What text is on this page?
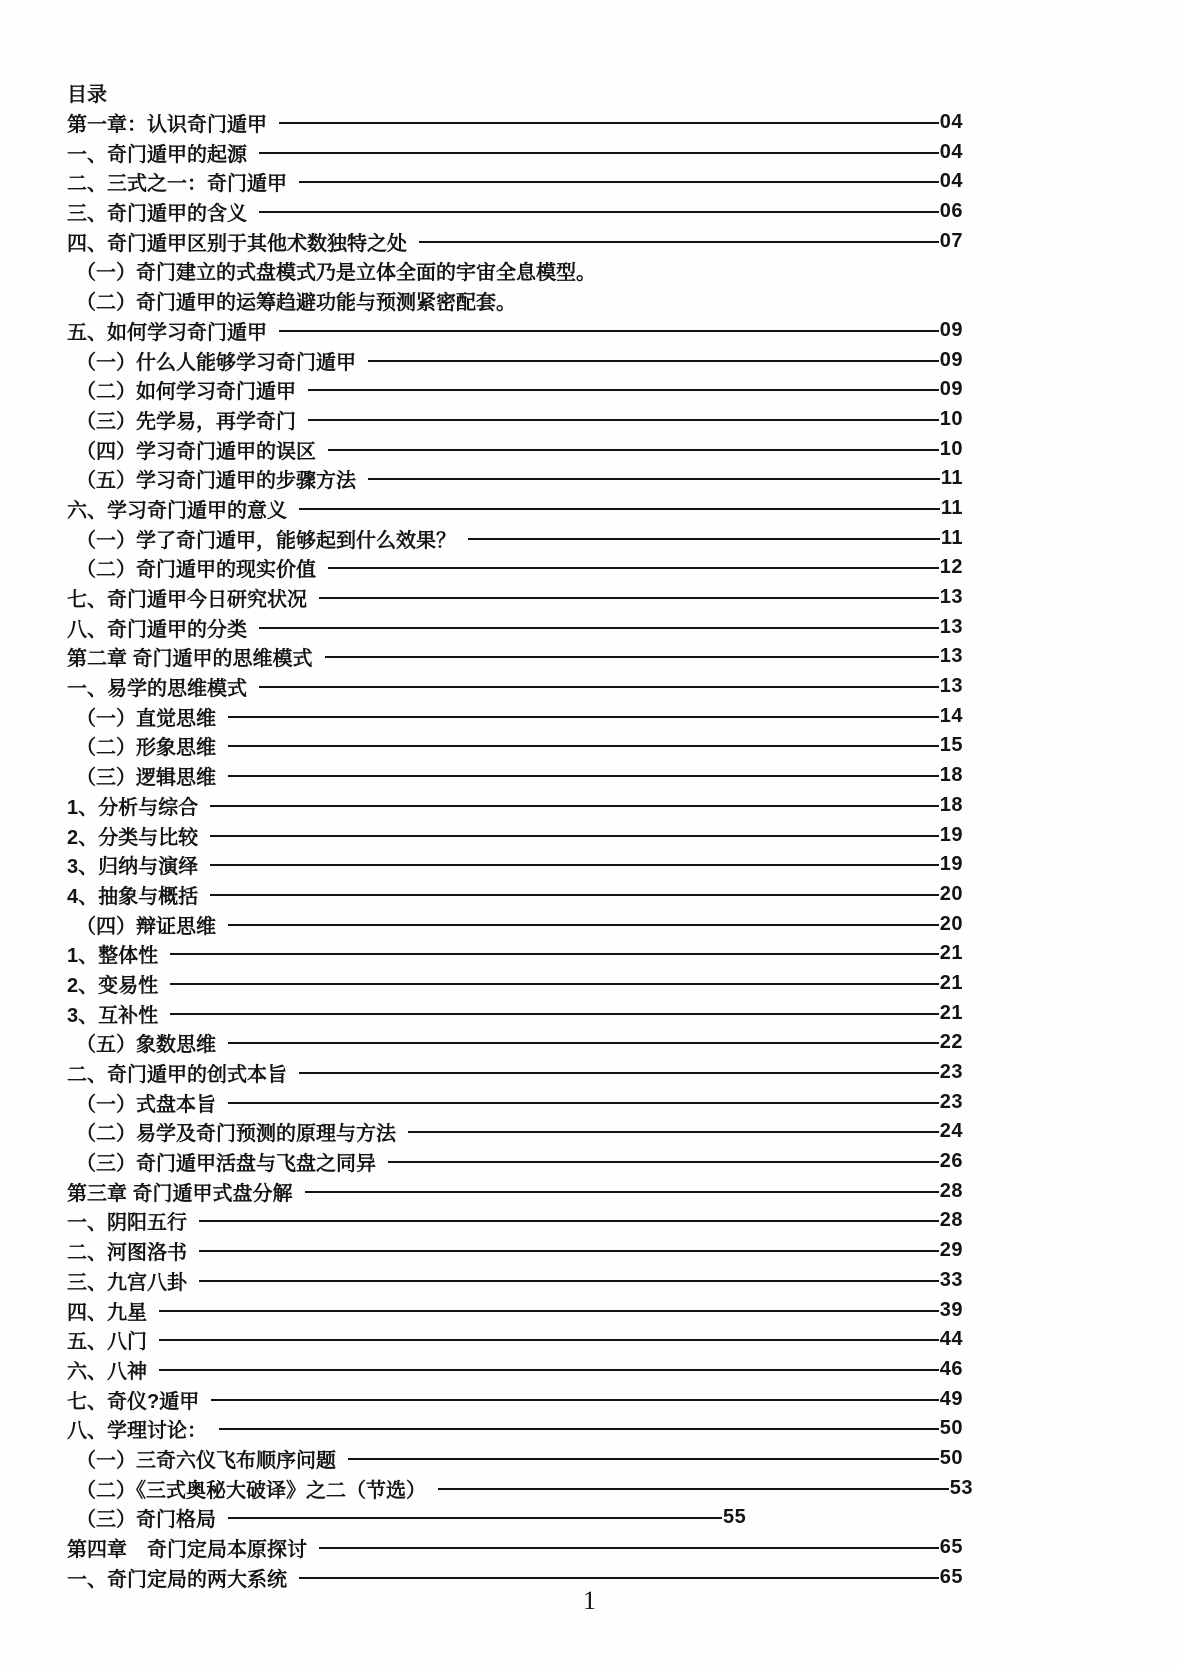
目录
第一章：认识奇门遁甲	04
一、奇门遁甲的起源	04
二、三式之一：奇门遁甲	04
三、奇门遁甲的含义	06
四、奇门遁甲区别于其他术数独特之处	07
（一）奇门建立的式盘模式乃是立体全面的宇宙全息模型。
（二）奇门遁甲的运筹趋避功能与预测紧密配套。
五、如何学习奇门遁甲	09
（一）什么人能够学习奇门遁甲	09
（二）如何学习奇门遁甲	09
（三）先学易，再学奇门	10
（四）学习奇门遁甲的误区	10
（五）学习奇门遁甲的步骤方法	11
六、学习奇门遁甲的意义	11
（一）学了奇门遁甲，能够起到什么效果？	11
（二）奇门遁甲的现实价值	12
七、奇门遁甲今日研究状况	13
八、奇门遁甲的分类	13
第二章 奇门遁甲的思维模式	13
一、易学的思维模式	13
（一）直觉思维	14
（二）形象思维	15
（三）逻辑思维	18
1、分析与综合	18
2、分类与比较	19
3、归纳与演绎	19
4、抽象与概括	20
（四）辩证思维	20
1、整体性	21
2、变易性	21
3、互补性	21
（五）象数思维	22
二、奇门遁甲的创式本旨	23
（一）式盘本旨	23
（二）易学及奇门预测的原理与方法	24
（三）奇门遁甲活盘与飞盘之同异	26
第三章 奇门遁甲式盘分解	28
一、阴阳五行	28
二、河图洛书	29
三、九宫八卦	33
四、九星	39
五、八门	44
六、八神	46
七、奇仪?遁甲	49
八、学理讨论：	50
（一）三奇六仪飞布顺序问题	50
（二）《三式奥秘大破译》之二（节选）	53
（三）奇门格局	55
第四章　奇门定局本原探讨	65
一、奇门定局的两大系统	65
1
